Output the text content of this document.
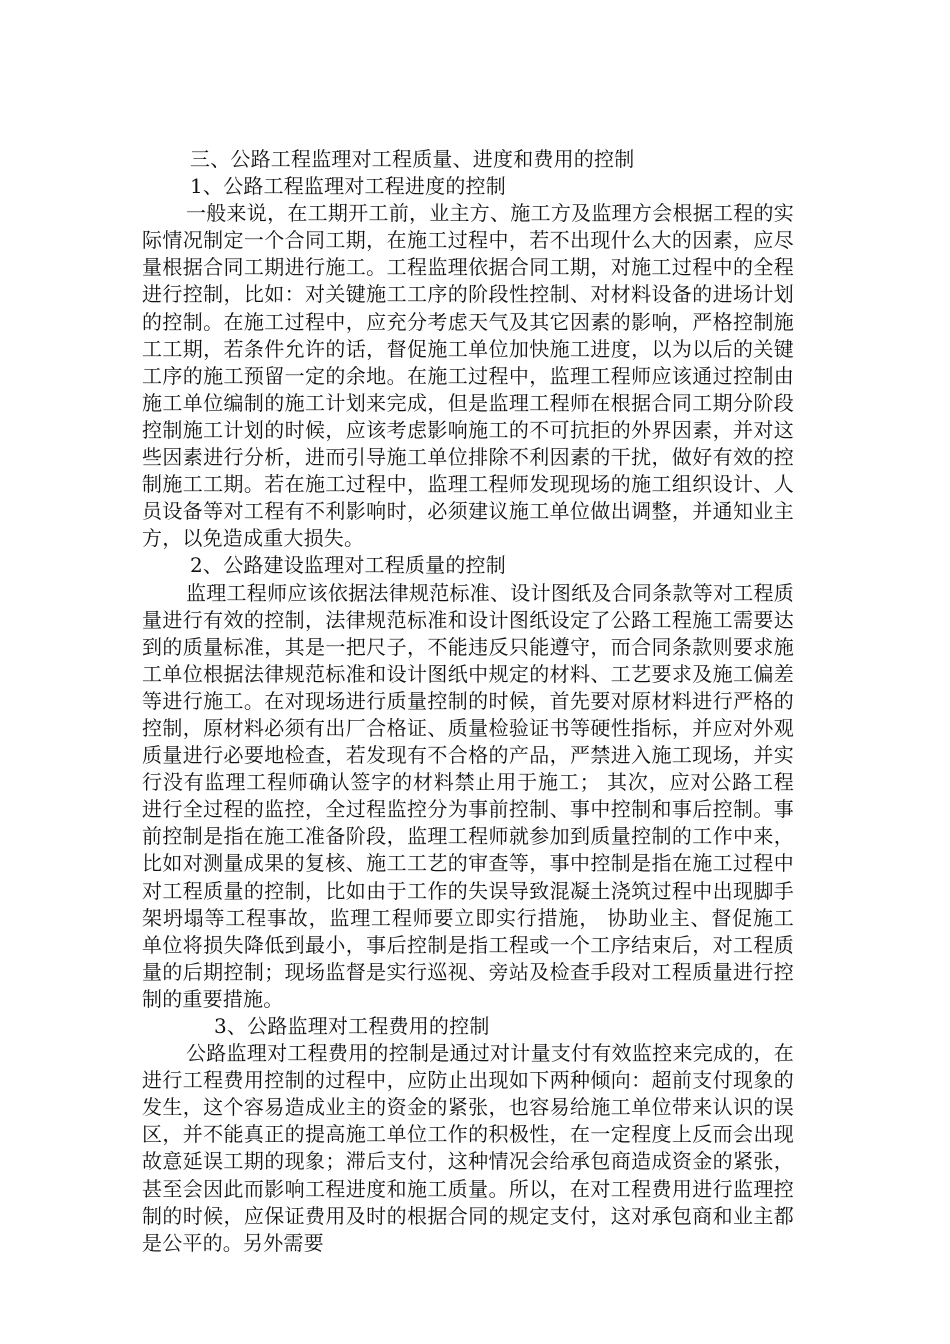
三、公路工程监理对工程质量、进度和费用的控制

1、公路工程监理对工程进度的控制

一般来说，在工期开工前，业主方、施工方及监理方会根据工程的实际情况制定一个合同工期，在施工过程中，若不出现什么大的因素，应尽量根据合同工期进行施工。工程监理依据合同工期，对施工过程中的全程进行控制，比如：对关键施工工序的阶段性控制、对材料设备的进场计划的控制。在施工过程中，应充分考虑天气及其它因素的影响，严格控制施工工期，若条件允许的话，督促施工单位加快施工进度，以为以后的关键工序的施工预留一定的余地。在施工过程中，监理工程师应该通过控制由施工单位编制的施工计划来完成，但是监理工程师在根据合同工期分阶段控制施工计划的时候，应该考虑影响施工的不可抗拒的外界因素，并对这些因素进行分析，进而引导施工单位排除不利因素的干扰，做好有效的控制施工工期。若在施工过程中，监理工程师发现现场的施工组织设计、人员设备等对工程有不利影响时，必须建议施工单位做出调整，并通知业主方，以免造成重大损失。

2、公路建设监理对工程质量的控制

监理工程师应该依据法律规范标准、设计图纸及合同条款等对工程质量进行有效的控制，法律规范标准和设计图纸设定了公路工程施工需要达到的质量标准，其是一把尺子，不能违反只能遵守，而合同条款则要求施工单位根据法律规范标准和设计图纸中规定的材料、工艺要求及施工偏差等进行施工。在对现场进行质量控制的时候，首先要对原材料进行严格的控制，原材料必须有出厂合格证、质量检验证书等硬性指标，并应对外观质量进行必要地检查，若发现有不合格的产品，严禁进入施工现场，并实行没有监理工程师确认签字的材料禁止用于施工； 其次，应对公路工程进行全过程的监控，全过程监控分为事前控制、事中控制和事后控制。事前控制是指在施工准备阶段，监理工程师就参加到质量控制的工作中来，比如对测量成果的复核、施工工艺的审查等，事中控制是指在施工过程中对工程质量的控制，比如由于工作的失误导致混凝土浇筑过程中出现脚手架坍塌等工程事故，监理工程师要立即实行措施， 协助业主、督促施工单位将损失降低到最小，事后控制是指工程或一个工序结束后，对工程质量的后期控制；现场监督是实行巡视、旁站及检查手段对工程质量进行控制的重要措施。

3、公路监理对工程费用的控制

公路监理对工程费用的控制是通过对计量支付有效监控来完成的，在进行工程费用控制的过程中，应防止出现如下两种倾向：超前支付现象的发生，这个容易造成业主的资金的紧张，也容易给施工单位带来认识的误区，并不能真正的提高施工单位工作的积极性，在一定程度上反而会出现故意延误工期的现象；滞后支付，这种情况会给承包商造成资金的紧张， 甚至会因此而影响工程进度和施工质量。所以，在对工程费用进行监理控制的时候，应保证费用及时的根据合同的规定支付，这对承包商和业主都是公平的。另外需要
